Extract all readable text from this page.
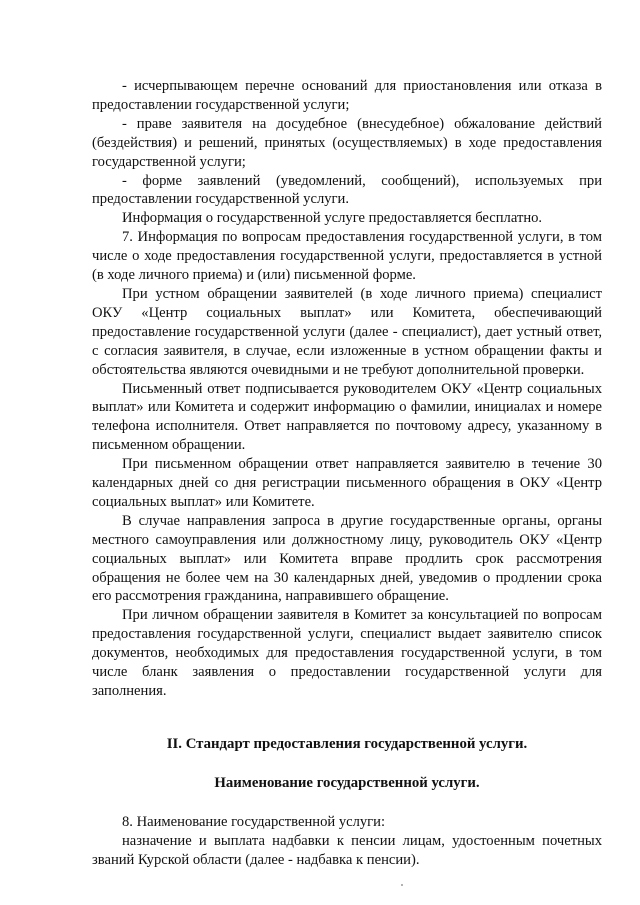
- исчерпывающем перечне оснований для приостановления или отказа в предоставлении государственной услуги;

- праве заявителя на досудебное (внесудебное) обжалование действий (бездействия) и решений, принятых (осуществляемых) в ходе предоставления государственной услуги;

- форме заявлений (уведомлений, сообщений), используемых при предоставлении государственной услуги.

Информация о государственной услуге предоставляется бесплатно.

7. Информация по вопросам предоставления государственной услуги, в том числе о ходе предоставления государственной услуги, предоставляется в устной (в ходе личного приема) и (или) письменной форме.

При устном обращении заявителей (в ходе личного приема) специалист ОКУ «Центр социальных выплат» или Комитета, обеспечивающий предоставление государственной услуги (далее - специалист), дает устный ответ, с согласия заявителя, в случае, если изложенные в устном обращении факты и обстоятельства являются очевидными и не требуют дополнительной проверки.

Письменный ответ подписывается руководителем ОКУ «Центр социальных выплат» или Комитета и содержит информацию о фамилии, инициалах и номере телефона исполнителя. Ответ направляется по почтовому адресу, указанному в письменном обращении.

При письменном обращении ответ направляется заявителю в течение 30 календарных дней со дня регистрации письменного обращения в ОКУ «Центр социальных выплат» или Комитете.

В случае направления запроса в другие государственные органы, органы местного самоуправления или должностному лицу, руководитель ОКУ «Центр социальных выплат» или Комитета вправе продлить срок рассмотрения обращения не более чем на 30 календарных дней, уведомив о продлении срока его рассмотрения гражданина, направившего обращение.

При личном обращении заявителя в Комитет за консультацией по вопросам предоставления государственной услуги, специалист выдает заявителю список документов, необходимых для предоставления государственной услуги, в том числе бланк заявления о предоставлении государственной услуги для заполнения.

II. Стандарт предоставления государственной услуги.

Наименование государственной услуги.

8. Наименование государственной услуги:

назначение и выплата надбавки к пенсии лицам, удостоенным почетных званий Курской области (далее - надбавка к пенсии).
